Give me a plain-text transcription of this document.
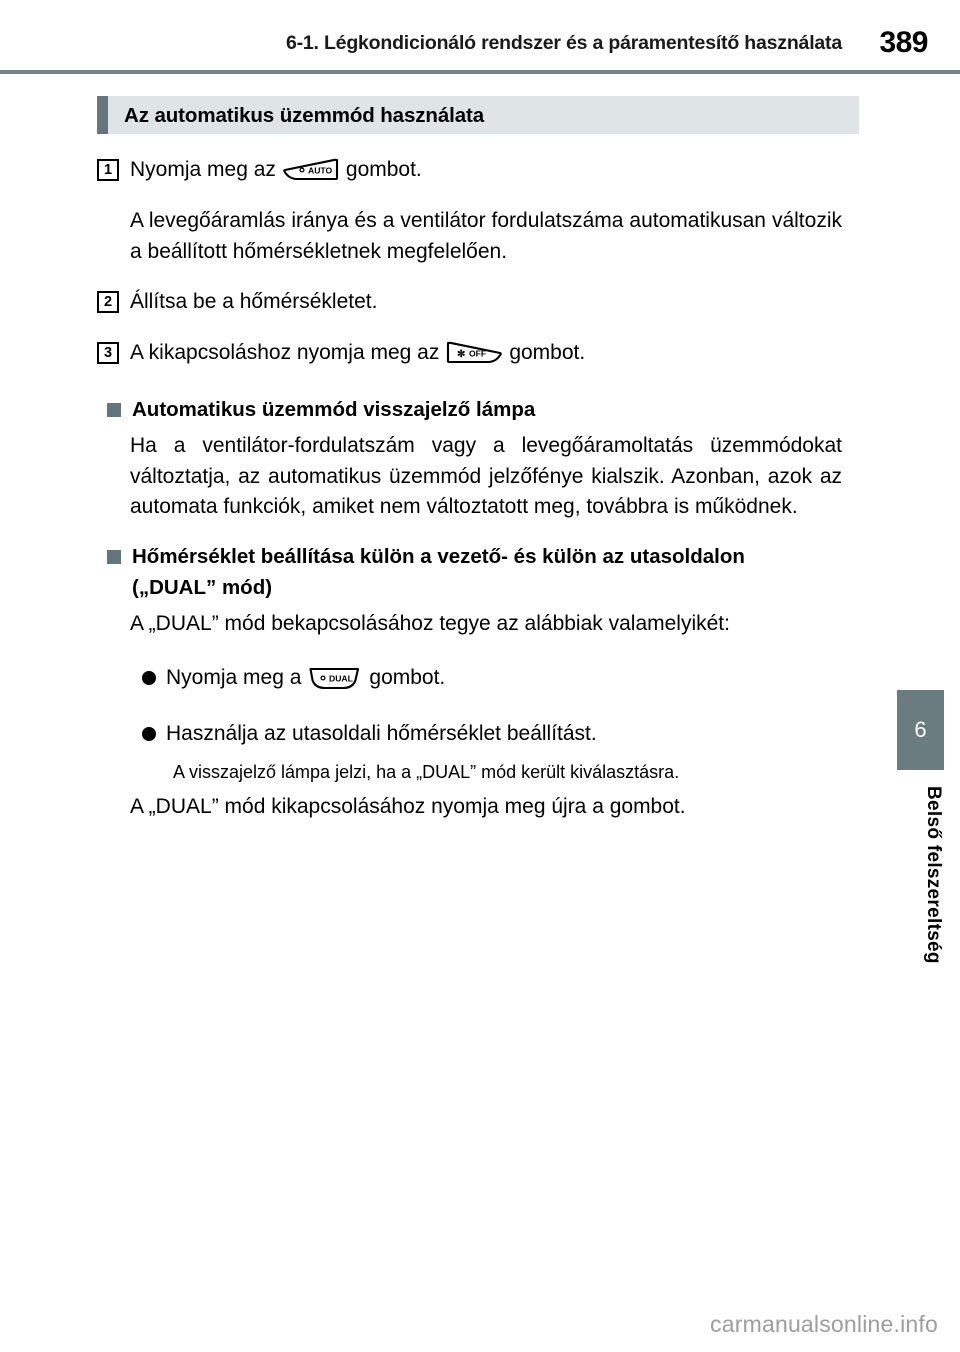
6-1. Légkondicionáló rendszer és a páramentesítő használata 389
Az automatikus üzemmód használata
1 Nyomja meg az	AUTO gombot.
A levegőáramlás iránya és a ventilátor fordulatszáma automatikusan változik a beállított hőmérsékletnek megfelelően.
2 Állítsa be a hőmérsékletet.
3 A kikapcsoláshoz nyomja meg az ✻ OFF gombot.
Automatikus üzemmód visszajelző lámpa
Ha a ventilátor-fordulatszám vagy a levegőáramoltatás üzemmódokat változtatja, az automatikus üzemmód jelzőfénye kialszik. Azonban, azok az automata funkciók, amiket nem változtatott meg, továbbra is működnek.
Hőmérséklet beállítása külön a vezető- és külön az utasoldalon („DUAL” mód)
A „DUAL” mód bekapcsolásához tegye az alábbiak valamelyikét:
Nyomja meg a	DUAL gombot.
Használja az utasoldali hőmérséklet beállítást.
A visszajelző lámpa jelzi, ha a „DUAL” mód került kiválasztásra.
A „DUAL” mód kikapcsolásához nyomja meg újra a gombot.
6
Belső felszereltség
carmanualsonline.info
